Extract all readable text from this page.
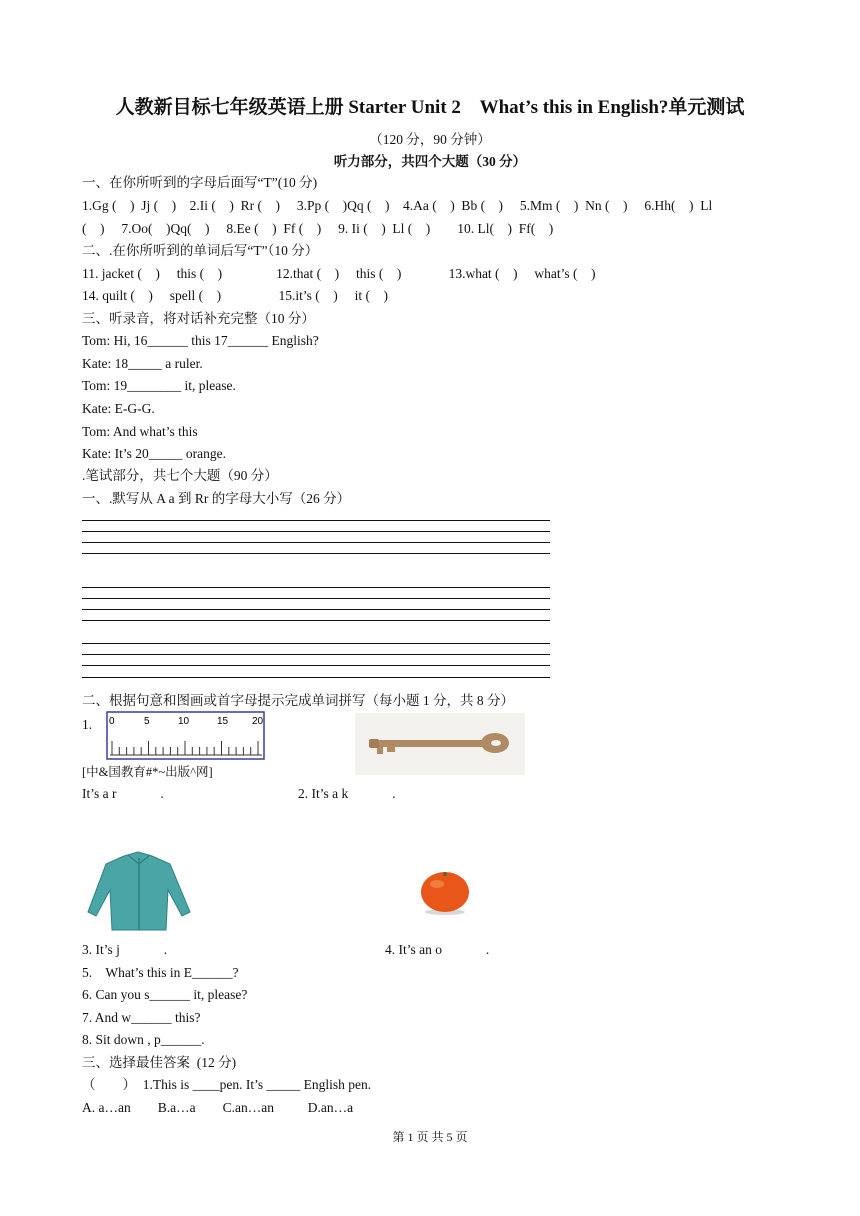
人教新目标七年级英语上册 Starter Unit 2    What’s this in English?单元测试
（120 分，90 分钟）
听力部分，共四个大题（30 分）
一、在你所听到的字母后面写“T”(10 分)
1.Gg (    )  Jj (    )    2.Ii (    )  Rr (    )     3.Pp (    )Qq (    )    4.Aa (    )  Bb (    )     5.Mm (    )  Nn (    )     6.Hh(    )  Ll
(    )     7.Oo(    )Qq(    )     8.Ee (    )  Ff (    )     9. Ii (    )  Ll (    )        10. Ll(    )  Ff(    )
二、.在你所听到的单词后写“T”（10 分）
11. jacket (    )     this (    )                12.that (    )     this (    )              13.what (    )     what’s (    )
14. quilt (    )     spell (    )                 15.it’s (    )     it (    )
三、听录音，将对话补充完整（10 分）
Tom: Hi, 16______ this 17______ English?
Kate: 18_____ a ruler.
Tom: 19________ it, please.
Kate: E-G-G.
Tom: And what’s this
Kate: It’s 20_____ orange.
.笔试部分，共七个大题（90 分）
一、.默写从 A a 到 Rr 的字母大小写（26 分）
二、根据句意和图画或首字母提示完成单词拼写（每小题 1 分，共 8 分）
1. 0	5	10	15 20
[中&国教育#*~出版^网]
It’s a r             .	2. It’s a k             .
3. It’s j             .	4. It’s an o             .
5.    What’s this in E______?
6. Can you s______ it, please?
7. And w______ this?
8. Sit down , p______.
三、选择最佳答案  (12 分)
（        ）  1.This is ____pen. It’s _____ English pen.
A. a…an        B.a…a        C.an…an          D.an…a
第 1 页 共 5 页
